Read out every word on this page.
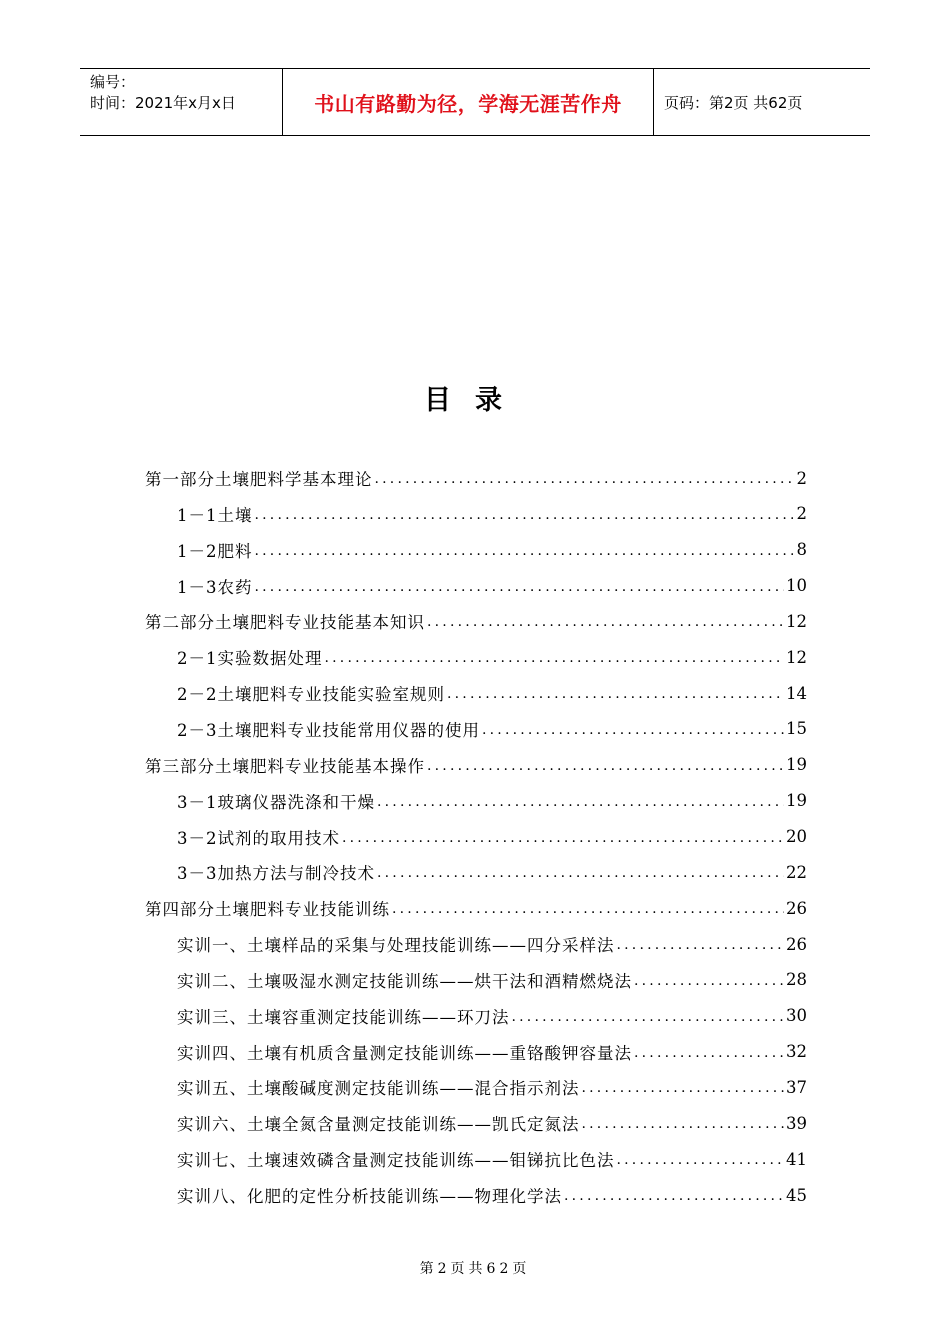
编号：
时间：2021年x月x日	书山有路勤为径，学海无涯苦作舟	页码：第2页 共62页
目录
第一部分 土壤肥料学基本理论 .....	2
1－1 土壤 .....	2
1－2 肥料 .....	8
1－3 农药 .....	10
第二部分 土壤肥料专业技能基本知识 .....	12
2－1 实验数据处理 .....	12
2－2 土壤肥料专业技能实验室规则 .....	14
2－3 土壤肥料专业技能常用仪器的使用 .....	15
第三部分 土壤肥料专业技能基本操作 .....	19
3－1 玻璃仪器洗涤和干燥 .....	19
3－2 试剂的取用技术 .....	20
3－3 加热方法与制冷技术 .....	22
第四部分 土壤肥料专业技能训练 .....	26
实训一、土壤样品的采集与处理技能训练——四分采样法 .....	26
实训二、土壤吸湿水测定技能训练——烘干法和酒精燃烧法 .....	28
实训三、土壤容重测定技能训练——环刀法 .....	30
实训四、土壤有机质含量测定技能训练——重铬酸钾容量法 .....	32
实训五、土壤酸碱度测定技能训练——混合指示剂法 .....	37
实训六、土壤全氮含量测定技能训练——凯氏定氮法 .....	39
实训七、土壤速效磷含量测定技能训练——钼锑抗比色法 .....	41
实训八、化肥的定性分析技能训练——物理化学法 .....	45
第2页共62页
